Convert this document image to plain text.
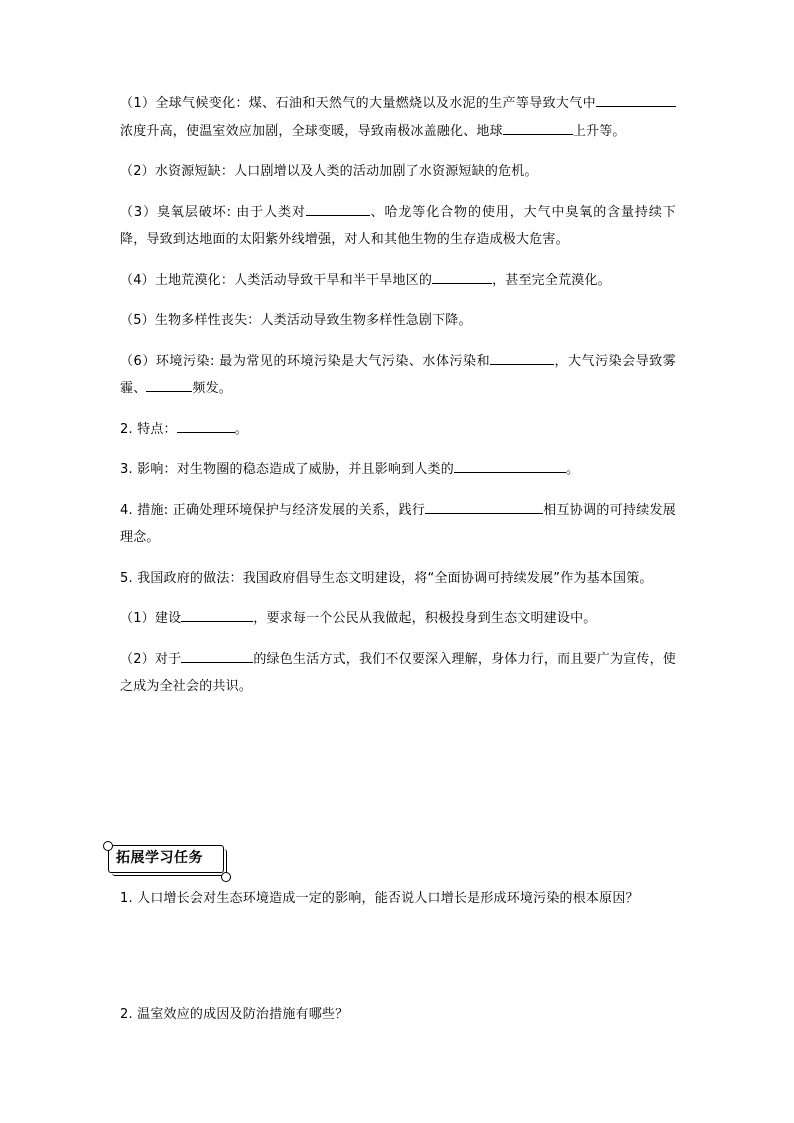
（1）全球气候变化：煤、石油和天然气的大量燃烧以及水泥的生产等导致大气中浓度升高，使温室效应加剧，全球变暖，导致南极冰盖融化、地球	上升等。

（2）水资源短缺：人口剧增以及人类的活动加剧了水资源短缺的危机。

（3）臭氧层破坏: 由于人类对	、哈龙等化合物的使用，大气中臭氧的含量持续下降，导致到达地面的太阳紫外线增强，对人和其他生物的生存造成极大危害。

（4）土地荒漠化：人类活动导致干旱和半干旱地区的	，甚至完全荒漠化。

（5）生物多样性丧失：人类活动导致生物多样性急剧下降。

（6）环境污染: 最为常见的环境污染是大气污染、水体污染和	，大气污染会导致雾霾、	频发。

2. 特点：	。

3. 影响：对生物圈的稳态造成了威胁，并且影响到人类的	。

4. 措施: 正确处理环境保护与经济发展的关系，践行	相互协调的可持续发展理念。

5. 我国政府的做法：我国政府倡导生态文明建设，将“全面协调可持续发展”作为基本国策。

（1）建设	，要求每一个公民从我做起，积极投身到生态文明建设中。

（2）对于	的绿色生活方式，我们不仅要深入理解，身体力行，而且要广为宣传，使之成为全社会的共识。

拓展学习任务
1. 人口增长会对生态环境造成一定的影响，能否说人口增长是形成环境污染的根本原因？
2. 温室效应的成因及防治措施有哪些？
